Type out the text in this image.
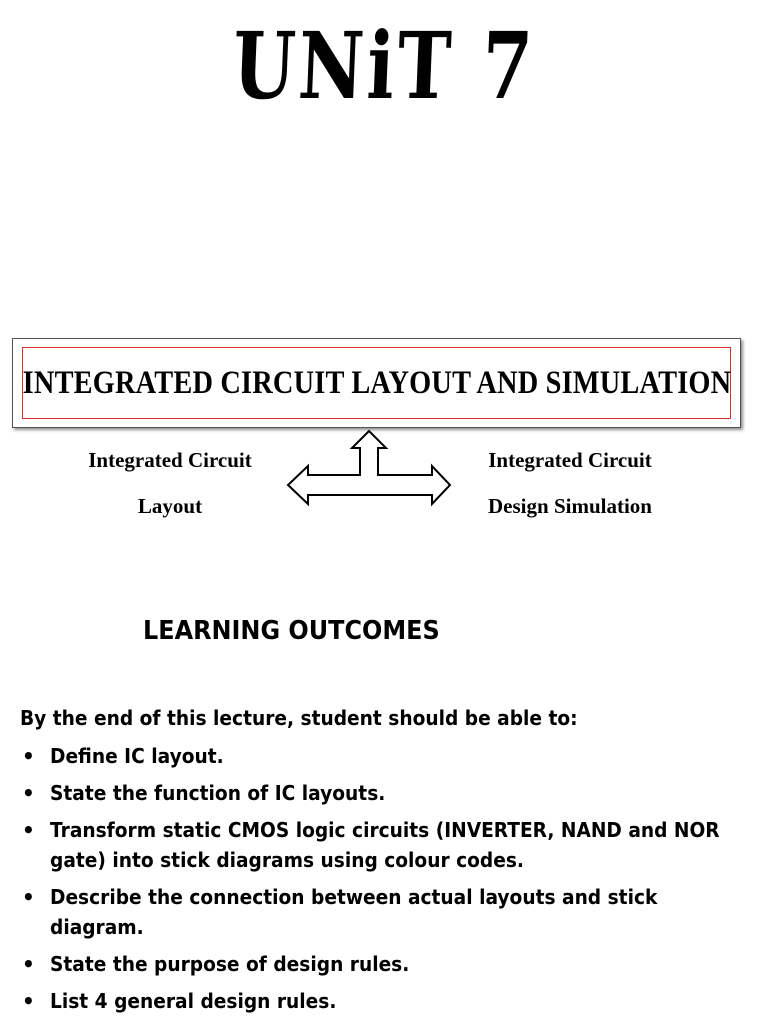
UNiT 7
INTEGRATED CIRCUIT LAYOUT AND SIMULATION
Integrated Circuit
Layout
Integrated Circuit
Design Simulation
LEARNING OUTCOMES
By the end of this lecture, student should be able to:
• Define IC layout.
• State the function of IC layouts.
• Transform static CMOS logic circuits (INVERTER, NAND and NOR gate) into stick diagrams using colour codes.
• Describe the connection between actual layouts and stick diagram.
• State the purpose of design rules.
• List 4 general design rules.
